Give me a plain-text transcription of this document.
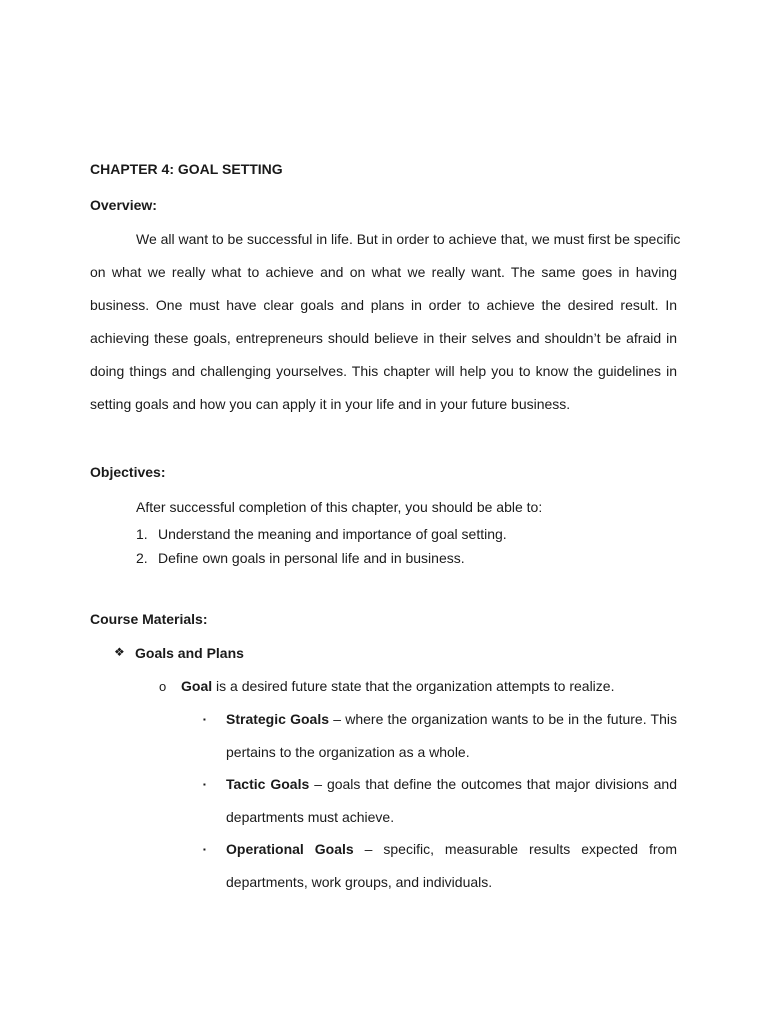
CHAPTER 4: GOAL SETTING
Overview:
We all want to be successful in life. But in order to achieve that, we must first be specific
on what we really what to achieve and on what we really want. The same goes in having
business. One must have clear goals and plans in order to achieve the desired result. In
achieving these goals, entrepreneurs should believe in their selves and shouldn’t be afraid in
doing things and challenging yourselves. This chapter will help you to know the guidelines in
setting goals and how you can apply it in your life and in your future business.
Objectives:
After successful completion of this chapter, you should be able to:
1. Understand the meaning and importance of goal setting.
2. Define own goals in personal life and in business.
Course Materials:
❖ Goals and Plans
o Goal is a desired future state that the organization attempts to realize.
▪ Strategic Goals – where the organization wants to be in the future. This
pertains to the organization as a whole.
▪ Tactic Goals – goals that define the outcomes that major divisions and
departments must achieve.
▪ Operational Goals – specific, measurable results expected from
departments, work groups, and individuals.
